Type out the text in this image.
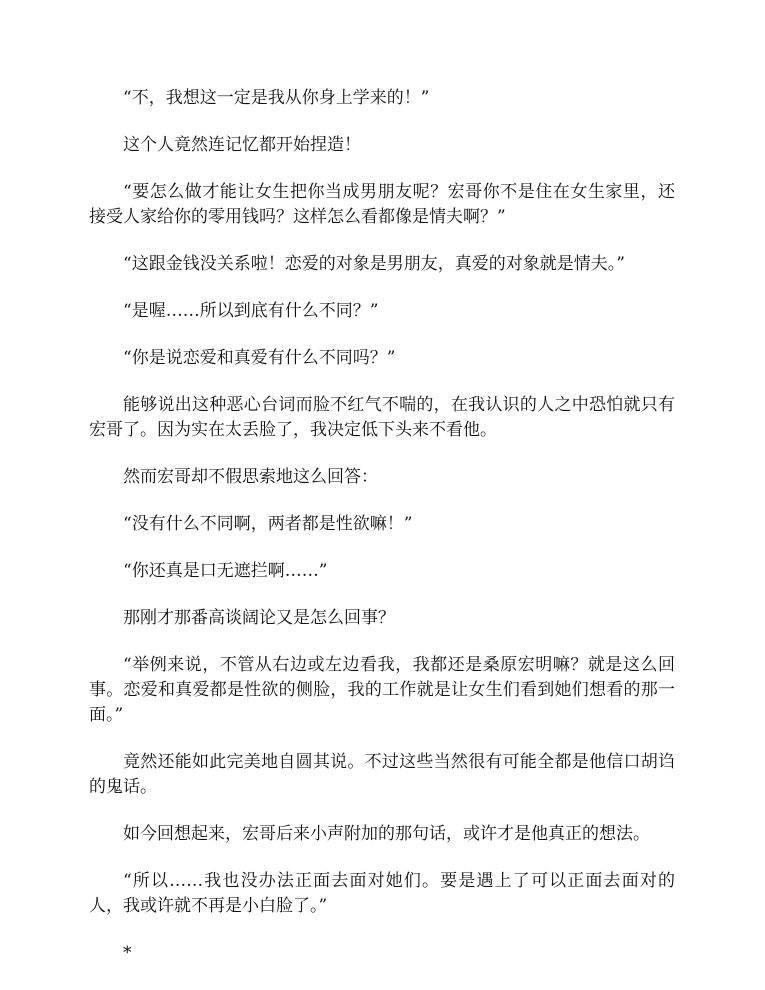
“不，我想这一定是我从你身上学来的！”

这个人竟然连记忆都开始捏造！

“要怎么做才能让女生把你当成男朋友呢？宏哥你不是住在女生家里，还接受人家给你的零用钱吗？这样怎么看都像是情夫啊？”

“这跟金钱没关系啦！恋爱的对象是男朋友，真爱的对象就是情夫。”

“是喔……所以到底有什么不同？”

“你是说恋爱和真爱有什么不同吗？”

能够说出这种恶心台词而脸不红气不喘的，在我认识的人之中恐怕就只有宏哥了。因为实在太丢脸了，我决定低下头来不看他。

然而宏哥却不假思索地这么回答：

“没有什么不同啊，两者都是性欲嘛！”

“你还真是口无遮拦啊……”

那刚才那番高谈阔论又是怎么回事？

“举例来说，不管从右边或左边看我，我都还是桑原宏明嘛？就是这么回事。恋爱和真爱都是性欲的侧脸，我的工作就是让女生们看到她们想看的那一面。”

竟然还能如此完美地自圆其说。不过这些当然很有可能全都是他信口胡诌的鬼话。

如今回想起来，宏哥后来小声附加的那句话，或许才是他真正的想法。

“所以……我也没办法正面去面对她们。要是遇上了可以正面去面对的人，我或许就不再是小白脸了。”

*
